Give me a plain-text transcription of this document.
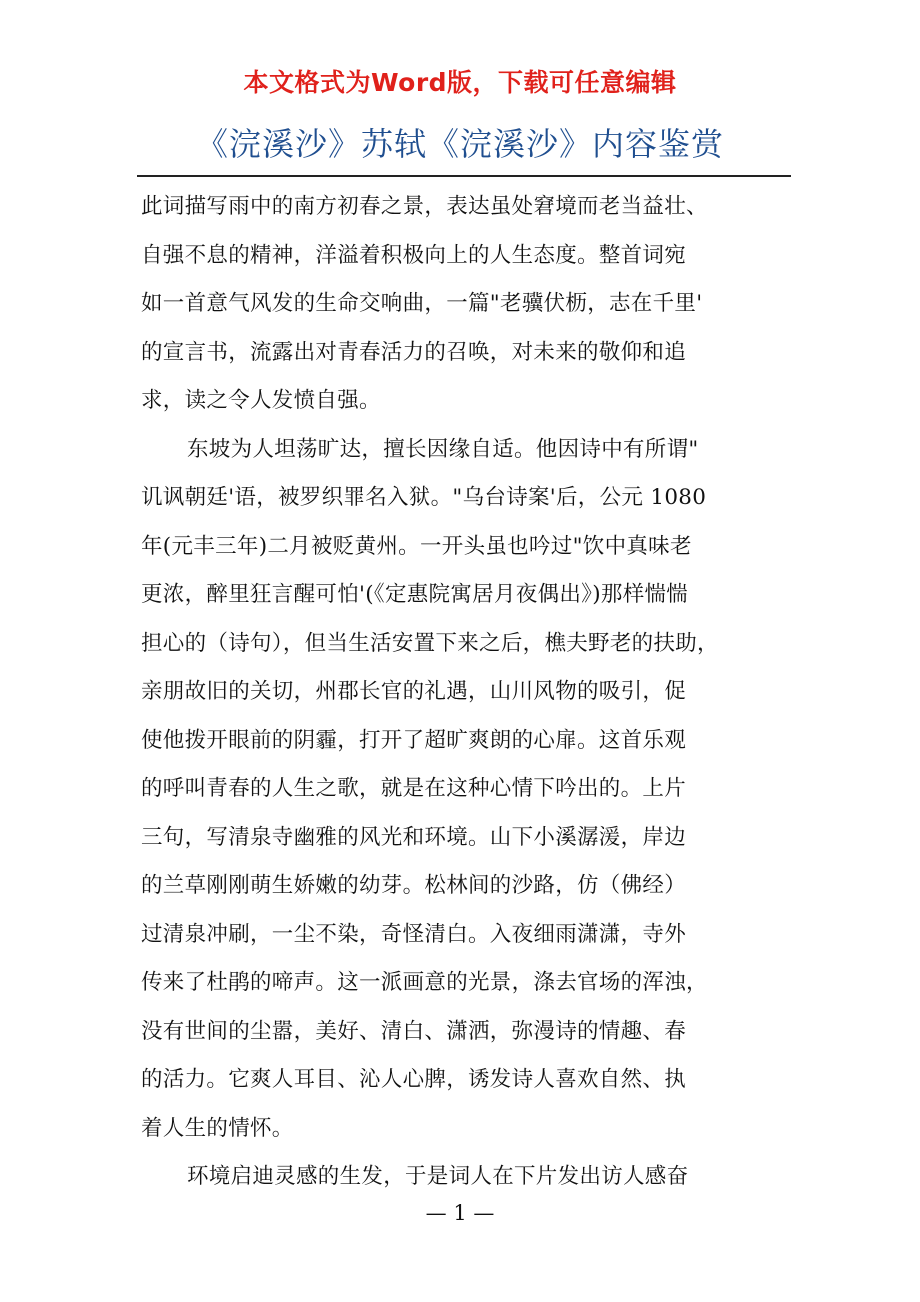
本文格式为Word版，下载可任意编辑
《浣溪沙》苏轼《浣溪沙》内容鉴赏

此词描写雨中的南方初春之景，表达虽处窘境而老当益壮、
自强不息的精神，洋溢着积极向上的人生态度。整首词宛
如一首意气风发的生命交响曲，一篇"老骥伏枥，志在千里'
的宣言书，流露出对青春活力的召唤，对未来的敬仰和追
求，读之令人发愤自强。

东坡为人坦荡旷达，擅长因缘自适。他因诗中有所谓"
讥讽朝廷'语，被罗织罪名入狱。"乌台诗案'后，公元 1080
年(元丰三年)二月被贬黄州。一开头虽也吟过"饮中真味老
更浓，醉里狂言醒可怕'(《定惠院寓居月夜偶出》)那样惴惴
担心的（诗句），但当生活安置下来之后，樵夫野老的扶助，
亲朋故旧的关切，州郡长官的礼遇，山川风物的吸引，促
使他拨开眼前的阴霾，打开了超旷爽朗的心扉。这首乐观
的呼叫青春的人生之歌，就是在这种心情下吟出的。上片
三句，写清泉寺幽雅的风光和环境。山下小溪潺湲，岸边
的兰草刚刚萌生娇嫩的幼芽。松林间的沙路，仿（佛经）
过清泉冲刷，一尘不染，奇怪清白。入夜细雨潇潇，寺外
传来了杜鹃的啼声。这一派画意的光景，涤去官场的浑浊，
没有世间的尘嚣，美好、清白、潇洒，弥漫诗的情趣、春
的活力。它爽人耳目、沁人心脾，诱发诗人喜欢自然、执
着人生的情怀。

环境启迪灵感的生发，于是词人在下片发出访人感奋

— 1 —
